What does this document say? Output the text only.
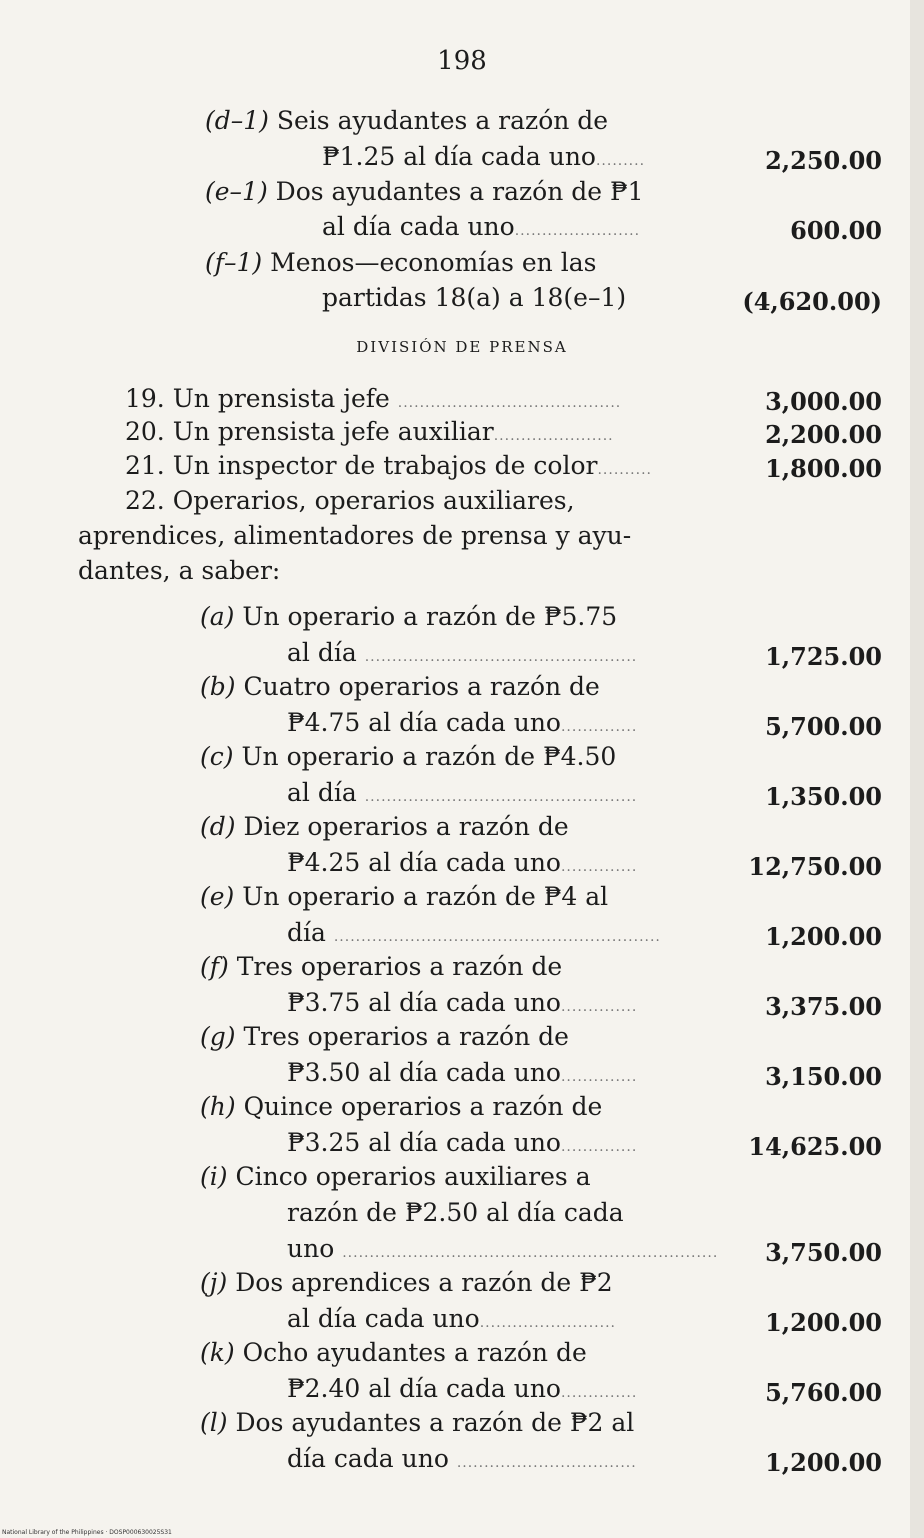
198
(d–1) Seis ayudantes a razón de
₱1.25 al día cada uno.........	2,250.00
(e–1) Dos ayudantes a razón de ₱1
al día cada uno.......................	600.00
(f–1) Menos—economías en las
partidas 18(a) a 18(e–1)	(4,620.00)
DIVISIÓN DE PRENSA
19. Un prensista jefe .........................................	3,000.00
20. Un prensista jefe auxiliar......................	2,200.00
21. Un inspector de trabajos de color..........	1,800.00
22. Operarios, operarios auxiliares,
aprendices, alimentadores de prensa y ayu-
dantes, a saber:
(a) Un operario a razón de ₱5.75
al día ..................................................	1,725.00
(b) Cuatro operarios a razón de
₱4.75 al día cada uno..............	5,700.00
(c) Un operario a razón de ₱4.50
al día ..................................................	1,350.00
(d) Diez operarios a razón de
₱4.25 al día cada uno..............	12,750.00
(e) Un operario a razón de ₱4 al
día ............................................................	1,200.00
(f) Tres operarios a razón de
₱3.75 al día cada uno..............	3,375.00
(g) Tres operarios a razón de
₱3.50 al día cada uno..............	3,150.00
(h) Quince operarios a razón de
₱3.25 al día cada uno..............	14,625.00
(i) Cinco operarios auxiliares a
razón de ₱2.50 al día cada
uno ..................................................................... 3,750.00
(j) Dos aprendices a razón de ₱2
al día cada uno.........................	1,200.00
(k) Ocho ayudantes a razón de
₱2.40 al día cada uno..............	5,760.00
(l) Dos ayudantes a razón de ₱2 al
día cada uno .................................	1,200.00
National Library of the Philippines · DOSP000630025S31
